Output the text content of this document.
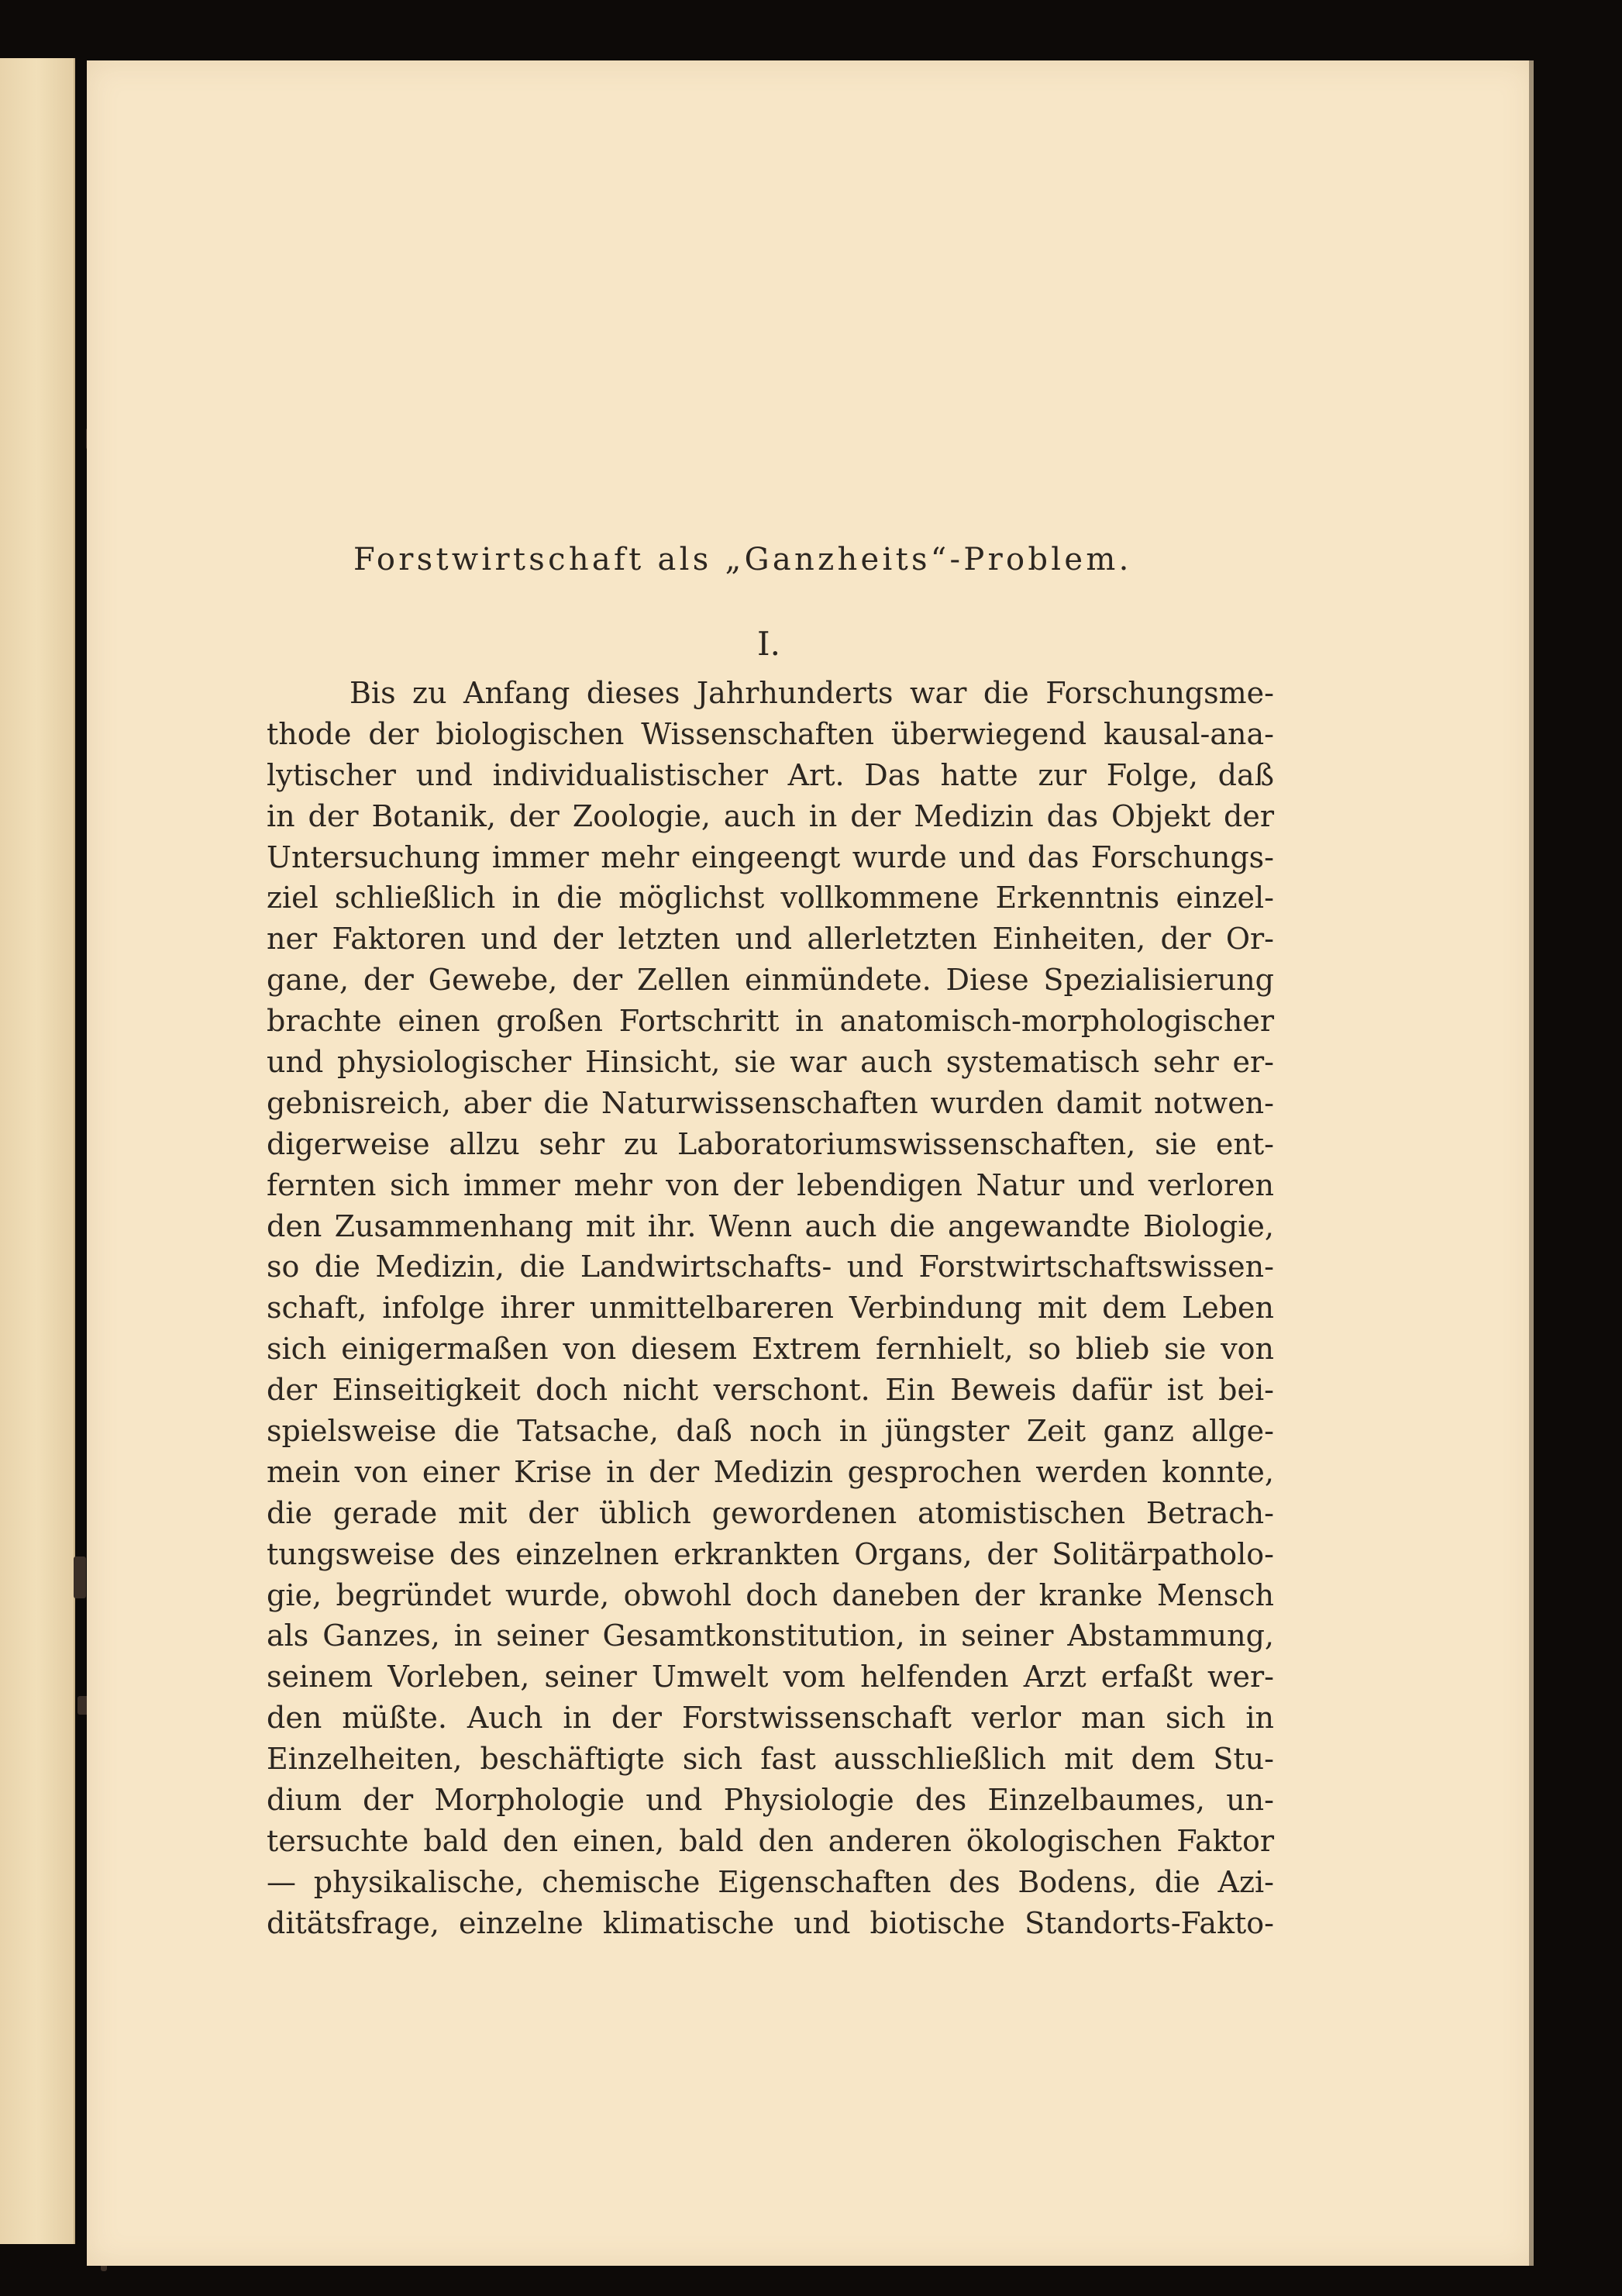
Forstwirtschaft als „Ganzheits“-Problem.
I.
Bis zu Anfang dieses Jahrhunderts war die Forschungsme-
thode der biologischen Wissenschaften überwiegend kausal-ana-
lytischer und individualistischer Art. Das hatte zur Folge, daß
in der Botanik, der Zoologie, auch in der Medizin das Objekt der
Untersuchung immer mehr eingeengt wurde und das Forschungs-
ziel schließlich in die möglichst vollkommene Erkenntnis einzel-
ner Faktoren und der letzten und allerletzten Einheiten, der Or-
gane, der Gewebe, der Zellen einmündete. Diese Spezialisierung
brachte einen großen Fortschritt in anatomisch-morphologischer
und physiologischer Hinsicht, sie war auch systematisch sehr er-
gebnisreich, aber die Naturwissenschaften wurden damit notwen-
digerweise allzu sehr zu Laboratoriumswissenschaften, sie ent-
fernten sich immer mehr von der lebendigen Natur und verloren
den Zusammenhang mit ihr. Wenn auch die angewandte Biologie,
so die Medizin, die Landwirtschafts- und Forstwirtschaftswissen-
schaft, infolge ihrer unmittelbareren Verbindung mit dem Leben
sich einigermaßen von diesem Extrem fernhielt, so blieb sie von
der Einseitigkeit doch nicht verschont. Ein Beweis dafür ist bei-
spielsweise die Tatsache, daß noch in jüngster Zeit ganz allge-
mein von einer Krise in der Medizin gesprochen werden konnte,
die gerade mit der üblich gewordenen atomistischen Betrach-
tungsweise des einzelnen erkrankten Organs, der Solitärpatholo-
gie, begründet wurde, obwohl doch daneben der kranke Mensch
als Ganzes, in seiner Gesamtkonstitution, in seiner Abstammung,
seinem Vorleben, seiner Umwelt vom helfenden Arzt erfaßt wer-
den müßte. Auch in der Forstwissenschaft verlor man sich in
Einzelheiten, beschäftigte sich fast ausschließlich mit dem Stu-
dium der Morphologie und Physiologie des Einzelbaumes, un-
tersuchte bald den einen, bald den anderen ökologischen Faktor
— physikalische, chemische Eigenschaften des Bodens, die Azi-
ditätsfrage, einzelne klimatische und biotische Standorts-Fakto-
